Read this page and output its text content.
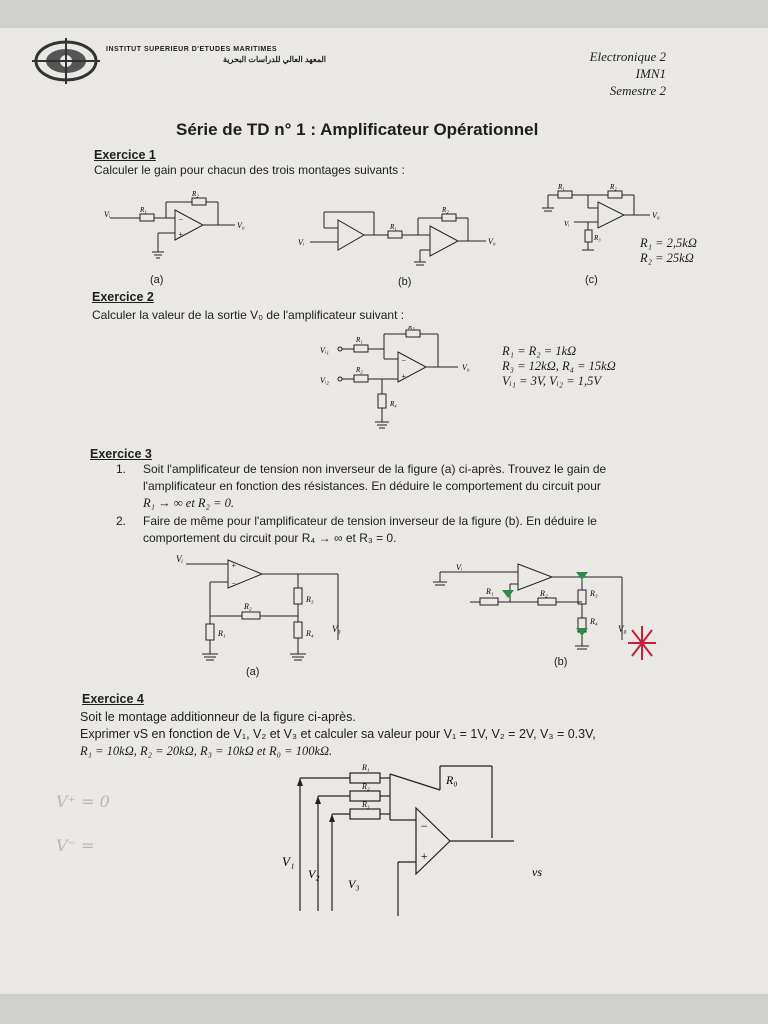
INSTITUT SUPERIEUR D'ETUDES MARITIMES
المعهد العالي للدراسات البحرية	Electronique 2
IMN1
Semestre 2
Série de TD n° 1 : Amplificateur Opérationnel
Exercice 1
Calculer le gain pour chacun des trois montages suivants :
Vᵢ	R₁
R₂
V₀
−
+
Vᵢ
R₁
R₂
V₀
R₁	R₂
V₀
Vᵢ
R₃	R₁ = 2,5kΩ
R₂ = 25kΩ
(a)	(b)	(c)
Exercice 2
Calculer la valeur de la sortie V₀ de l'amplificateur suivant :
Vᵢ₁
Vᵢ₂
R₁
R₂
R₃
R₄
V₀
−
+
R₁ = R₂ = 1kΩ
R₃ = 12kΩ, R₄ = 15kΩ
Vᵢ₁ = 3V, Vᵢ₂ = 1,5V
Exercice 3
1. Soit l'amplificateur de tension non inverseur de la figure (a) ci-après. Trouvez le gain de
l'amplificateur en fonction des résistances. En déduire le comportement du circuit pour
R₁ → ∞ et R₂ = 0.
2. Faire de même pour l'amplificateur de tension inverseur de la figure (b). En déduire le
comportement du circuit pour R₄ → ∞ et R₃ = 0.
Vᵢ
R₂
R₃
R₄
R₁	V₀
+
−
(a)
Vᵢ
R₁	R₂	R₃
R₄
V₀
(b)
Exercice 4
Soit le montage additionneur de la figure ci-après.
Exprimer vS en fonction de V₁, V₂ et V₃ et calculer sa valeur pour V₁ = 1V, V₂ = 2V, V₃ = 0.3V,
R₁ = 10kΩ, R₂ = 20kΩ, R₃ = 10kΩ et R₀ = 100kΩ.
R₁
R₂
R₃
R₀
V₁
V₂
V₃
vs
−
+
V⁺ = 0
V⁻ =
